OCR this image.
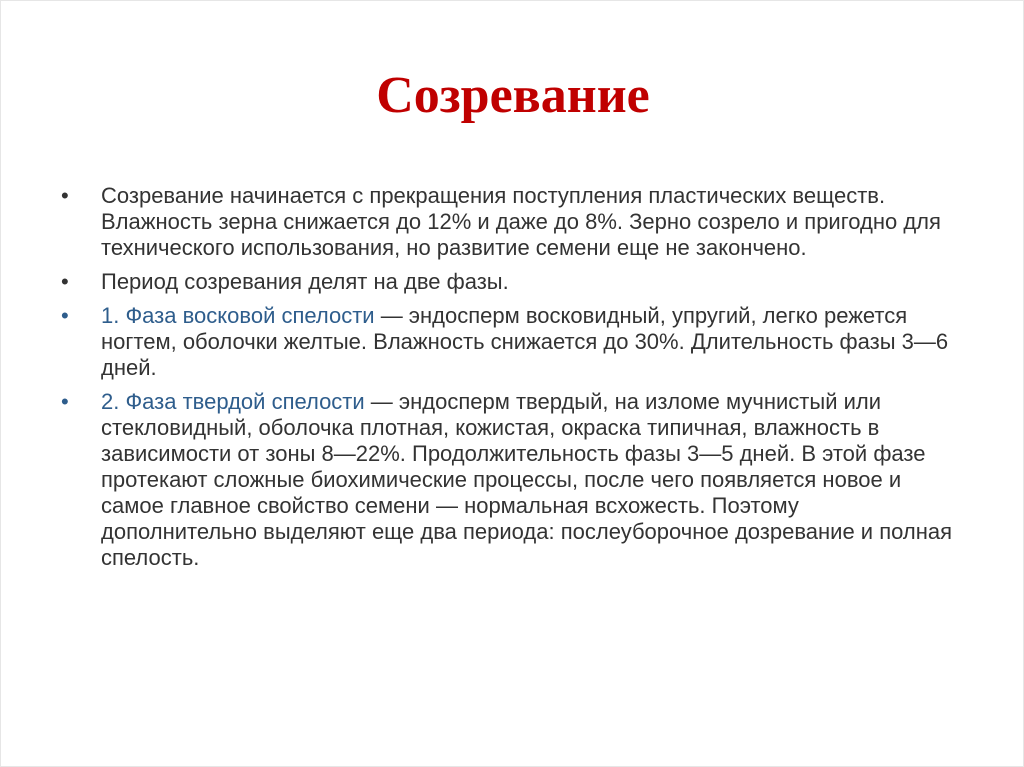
Созревание
•	Созревание начинается с прекращения поступления пластических веществ. Влажность зерна снижается до 12% и даже до 8%. Зерно созрело и пригодно для технического использования, но развитие семени еще не закончено.
•	Период созревания делят на две фазы.
•	1. Фаза восковой спелости — эндосперм восковидный, упругий, легко режется ногтем, оболочки желтые. Влажность снижается до 30%. Длительность фазы 3—6 дней.
•	2. Фаза твердой спелости — эндосперм твердый, на изломе мучнистый или стекловидный, оболочка плотная, кожистая, окраска типичная, влажность в зависимости от зоны 8—22%. Продолжительность фазы 3—5 дней. В этой фазе протекают сложные биохимические процессы, после чего появляется новое и самое главное свойство семени — нормальная всхожесть. Поэтому дополнительно выделяют еще два периода: послеуборочное дозревание и полная спелость.
